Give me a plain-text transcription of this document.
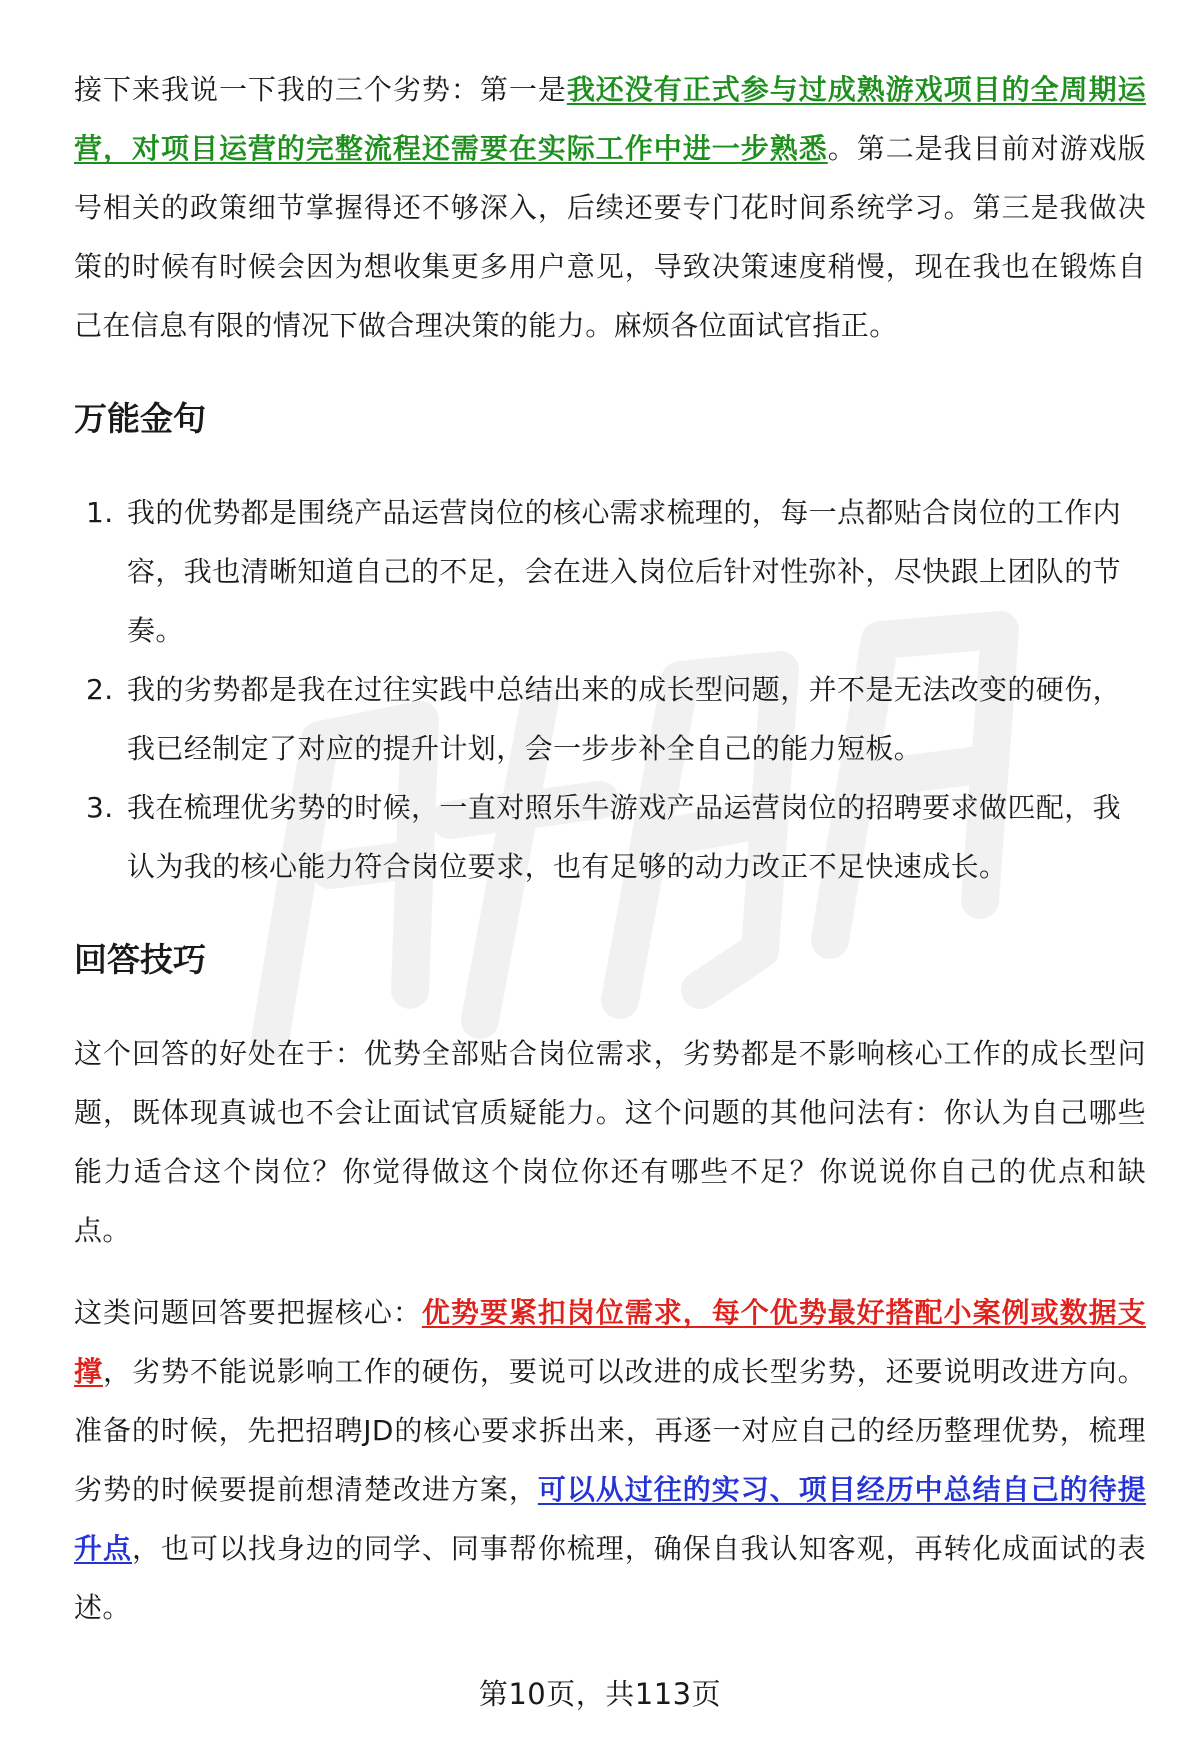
接下来我说一下我的三个劣势：第一是我还没有正式参与过成熟游戏项目的全周期运营，对项目运营的完整流程还需要在实际工作中进一步熟悉。第二是我目前对游戏版号相关的政策细节掌握得还不够深入，后续还要专门花时间系统学习。第三是我做决策的时候有时候会因为想收集更多用户意见，导致决策速度稍慢，现在我也在锻炼自己在信息有限的情况下做合理决策的能力。麻烦各位面试官指正。

万能金句
1. 我的优势都是围绕产品运营岗位的核心需求梳理的，每一点都贴合岗位的工作内容，我也清晰知道自己的不足，会在进入岗位后针对性弥补，尽快跟上团队的节奏。
2. 我的劣势都是我在过往实践中总结出来的成长型问题，并不是无法改变的硬伤，我已经制定了对应的提升计划，会一步步补全自己的能力短板。
3. 我在梳理优劣势的时候，一直对照乐牛游戏产品运营岗位的招聘要求做匹配，我认为我的核心能力符合岗位要求，也有足够的动力改正不足快速成长。
回答技巧

这个回答的好处在于：优势全部贴合岗位需求，劣势都是不影响核心工作的成长型问题，既体现真诚也不会让面试官质疑能力。这个问题的其他问法有：你认为自己哪些能力适合这个岗位？你觉得做这个岗位你还有哪些不足？你说说你自己的优点和缺点。

这类问题回答要把握核心：优势要紧扣岗位需求，每个优势最好搭配小案例或数据支撑，劣势不能说影响工作的硬伤，要说可以改进的成长型劣势，还要说明改进方向。准备的时候，先把招聘JD的核心要求拆出来，再逐一对应自己的经历整理优势，梳理劣势的时候要提前想清楚改进方案，可以从过往的实习、项目经历中总结自己的待提升点，也可以找身边的同学、同事帮你梳理，确保自我认知客观，再转化成面试的表述。

第10页，共113页
